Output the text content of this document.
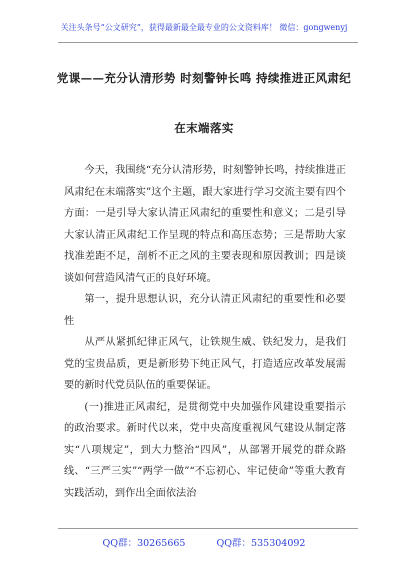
关注头条号“公文研究”，获得最新最全最专业的公文资料库！ 微信：gongwenyj
党课——充分认清形势 时刻警钟长鸣 持续推进正风肃纪
在末端落实

今天，我围绕“充分认清形势，时刻警钟长鸣，持续推进正风肃纪在末端落实”这个主题，跟大家进行学习交流主要有四个方面：一是引导大家认清正风肃纪的重要性和意义；二是引导大家认清正风肃纪工作呈现的特点和高压态势；三是帮助大家找准差距不足，剖析不正之风的主要表现和原因教训；四是谈谈如何营造风清气正的良好环境。

第一，提升思想认识，充分认清正风肃纪的重要性和必要性

从严从紧抓纪律正风气，让铁规生威、铁纪发力，是我们党的宝贵品质，更是新形势下纯正风气，打造适应改革发展需要的新时代党员队伍的重要保证。

(一)推进正风肃纪，是贯彻党中央加强作风建设重要指示的政治要求。新时代以来，党中央高度重视风气建设从制定落实“八项规定”，到大力整治“四风”，从部署开展党的群众路线、“三严三实”“两学一做”“不忘初心、牢记使命”等重大教育实践活动，到作出全面依法治

QQ群：30265665	QQ群：535304092
